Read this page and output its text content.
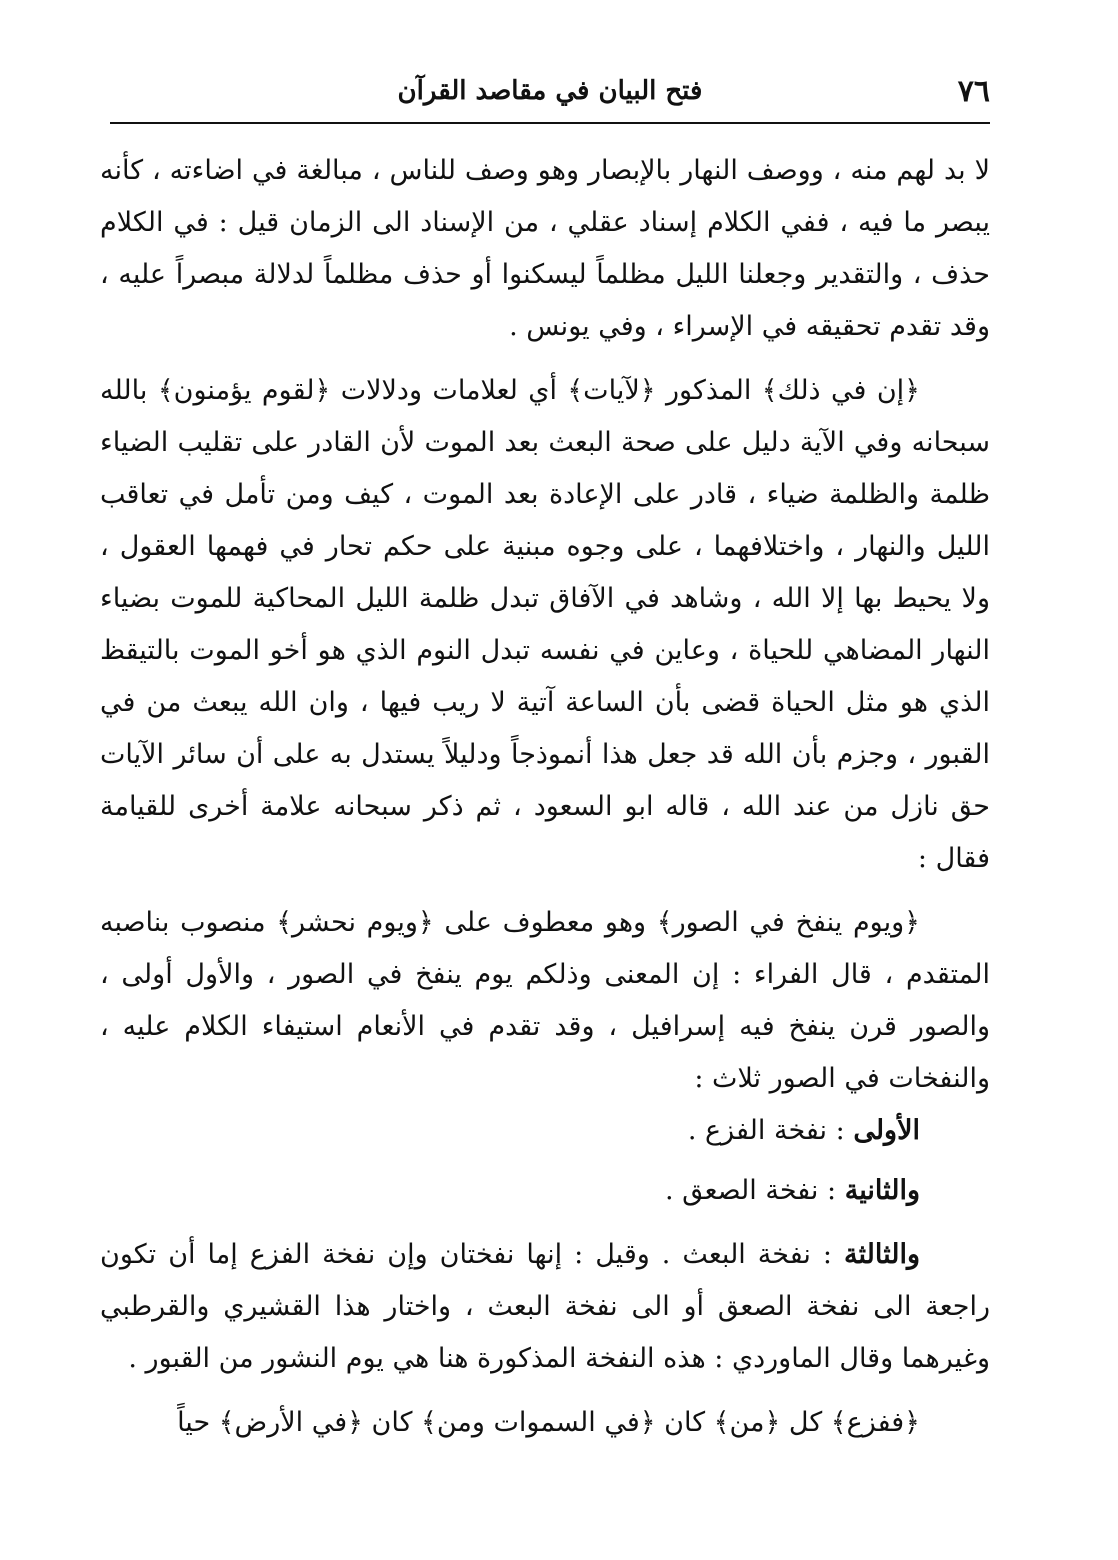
٧٦
فتح البيان في مقاصد القرآن

لا بد لهم منه ، ووصف النهار بالإبصار وهو وصف للناس ، مبالغة في اضاءته ، كأنه يبصر ما فيه ، ففي الكلام إسناد عقلي ، من الإسناد الى الزمان قيل : في الكلام حذف ، والتقدير وجعلنا الليل مظلماً ليسكنوا أو حذف مظلماً لدلالة مبصراً عليه ، وقد تقدم تحقيقه في الإسراء ، وفي يونس .

﴿إن في ذلك﴾ المذكور ﴿لآيات﴾ أي لعلامات ودلالات ﴿لقوم يؤمنون﴾ بالله سبحانه وفي الآية دليل على صحة البعث بعد الموت لأن القادر على تقليب الضياء ظلمة والظلمة ضياء ، قادر على الإعادة بعد الموت ، كيف ومن تأمل في تعاقب الليل والنهار ، واختلافهما ، على وجوه مبنية على حكم تحار في فهمها العقول ، ولا يحيط بها إلا الله ، وشاهد في الآفاق تبدل ظلمة الليل المحاكية للموت بضياء النهار المضاهي للحياة ، وعاين في نفسه تبدل النوم الذي هو أخو الموت بالتيقظ الذي هو مثل الحياة قضى بأن الساعة آتية لا ريب فيها ، وان الله يبعث من في القبور ، وجزم بأن الله قد جعل هذا أنموذجاً ودليلاً يستدل به على أن سائر الآيات حق نازل من عند الله ، قاله ابو السعود ، ثم ذكر سبحانه علامة أخرى للقيامة فقال :

﴿ويوم ينفخ في الصور﴾ وهو معطوف على ﴿ويوم نحشر﴾ منصوب بناصبه المتقدم ، قال الفراء : إن المعنى وذلكم يوم ينفخ في الصور ، والأول أولى ، والصور قرن ينفخ فيه إسرافيل ، وقد تقدم في الأنعام استيفاء الكلام عليه ، والنفخات في الصور ثلاث :

الأولى : نفخة الفزع .

والثانية : نفخة الصعق .

والثالثة : نفخة البعث . وقيل : إنها نفختان وإن نفخة الفزع إما أن تكون راجعة الى نفخة الصعق أو الى نفخة البعث ، واختار هذا القشيري والقرطبي وغيرهما وقال الماوردي : هذه النفخة المذكورة هنا هي يوم النشور من القبور .

﴿ففزع﴾ كل ﴿من﴾ كان ﴿في السموات ومن﴾ كان ﴿في الأرض﴾ حياً
